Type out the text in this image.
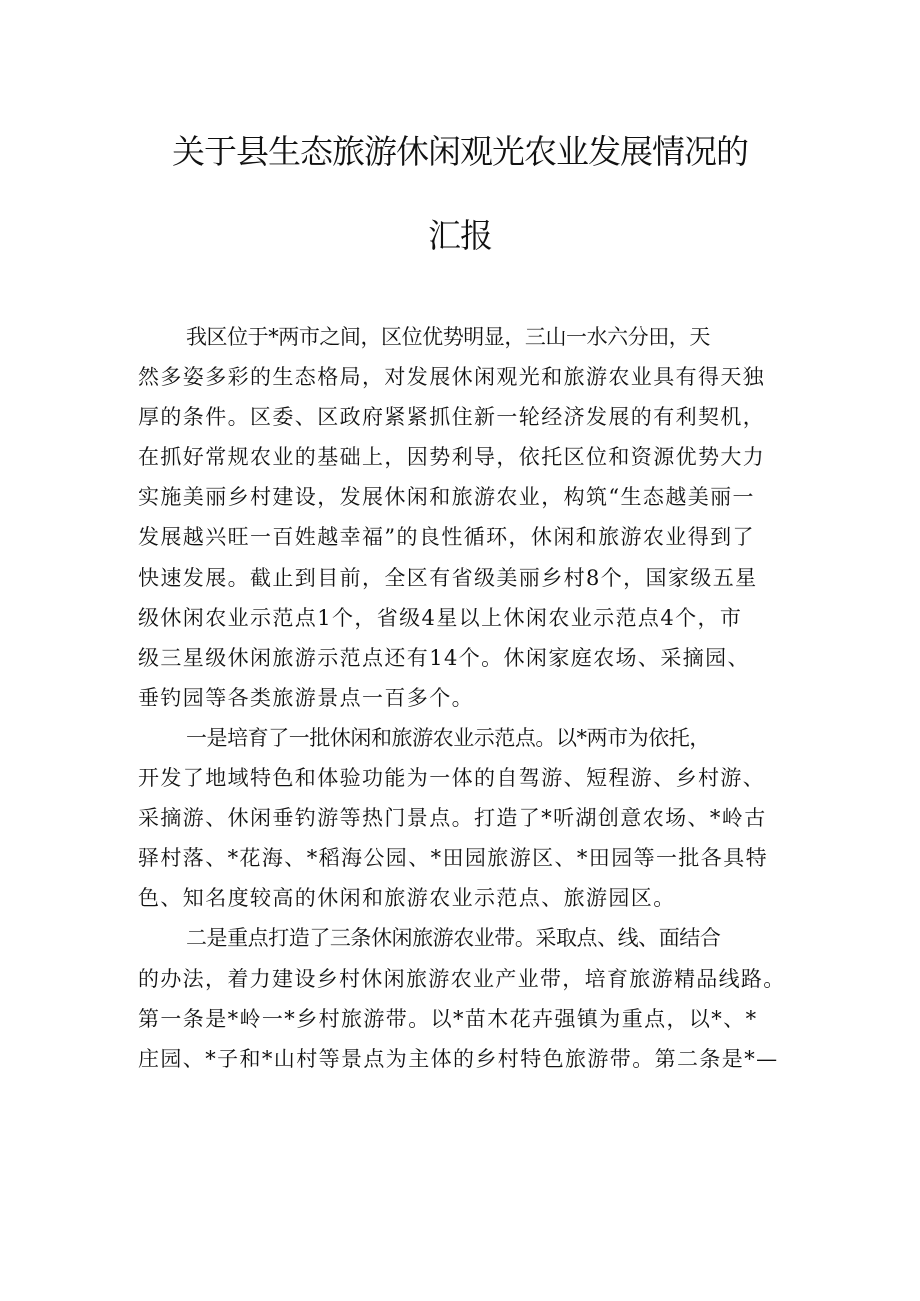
关于县生态旅游休闲观光农业发展情况的
汇报

我区位于*两市之间，区位优势明显，三山一水六分田，天
然多姿多彩的生态格局，对发展休闲观光和旅游农业具有得天独
厚的条件。区委、区政府紧紧抓住新一轮经济发展的有利契机，
在抓好常规农业的基础上，因势利导，依托区位和资源优势大力
实施美丽乡村建设，发展休闲和旅游农业，构筑“生态越美丽一
发展越兴旺一百姓越幸福”的良性循环，休闲和旅游农业得到了
快速发展。截止到目前，全区有省级美丽乡村8个，国家级五星
级休闲农业示范点1个，省级4星以上休闲农业示范点4个，市
级三星级休闲旅游示范点还有14个。休闲家庭农场、采摘园、
垂钓园等各类旅游景点一百多个。

一是培育了一批休闲和旅游农业示范点。以*两市为依托，
开发了地域特色和体验功能为一体的自驾游、短程游、乡村游、
采摘游、休闲垂钓游等热门景点。打造了*听湖创意农场、*岭古
驿村落、*花海、*稻海公园、*田园旅游区、*田园等一批各具特
色、知名度较高的休闲和旅游农业示范点、旅游园区。

二是重点打造了三条休闲旅游农业带。采取点、线、面结合
的办法，着力建设乡村休闲旅游农业产业带，培育旅游精品线路。
第一条是*岭一*乡村旅游带。以*苗木花卉强镇为重点，以*、*
庄园、*子和*山村等景点为主体的乡村特色旅游带。第二条是*—
